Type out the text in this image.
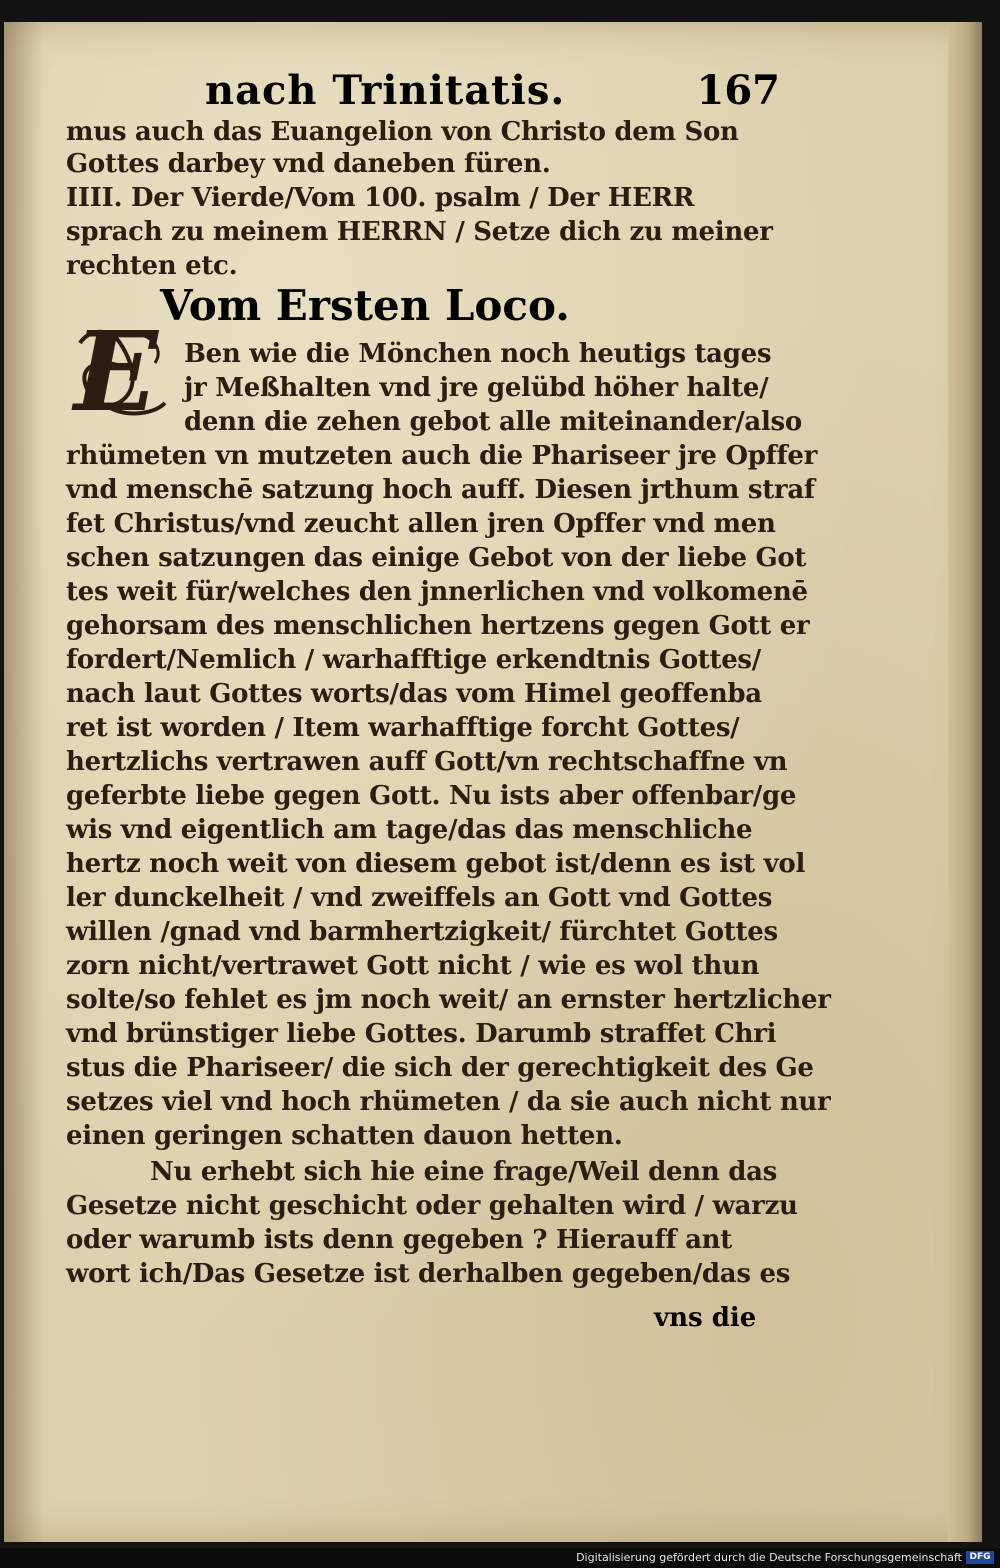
nach Trinitatis.	167
mus auch das Euangelion von Christo dem Son
Gottes darbey vnd daneben füren.
IIII. Der Vierde/Vom 100. psalm / Der HERR
sprach zu meinem HERRN / Setze dich zu meiner
rechten etc.
Vom Ersten Loco.
E Ben wie die Mönchen noch heutigs tages
jr Meßhalten vnd jre gelübd höher halte/
denn die zehen gebot alle miteinander/also
rhümeten vn mutzeten auch die Phariseer jre Opffer
vnd menschē satzung hoch auff. Diesen jrthum straf
fet Christus/vnd zeucht allen jren Opffer vnd men
schen satzungen das einige Gebot von der liebe Got
tes weit für/welches den jnnerlichen vnd volkomenē
gehorsam des menschlichen hertzens gegen Gott er
fordert/Nemlich / warhafftige erkendtnis Gottes/
nach laut Gottes worts/das vom Himel geoffenba
ret ist worden / Item warhafftige forcht Gottes/
hertzlichs vertrawen auff Gott/vn rechtschaffne vn
geferbte liebe gegen Gott. Nu ists aber offenbar/ge
wis vnd eigentlich am tage/das das menschliche
hertz noch weit von diesem gebot ist/denn es ist vol
ler dunckelheit / vnd zweiffels an Gott vnd Gottes
willen /gnad vnd barmhertzigkeit/ fürchtet Gottes
zorn nicht/vertrawet Gott nicht / wie es wol thun
solte/so fehlet es jm noch weit/ an ernster hertzlicher
vnd brünstiger liebe Gottes. Darumb straffet Chri
stus die Phariseer/ die sich der gerechtigkeit des Ge
setzes viel vnd hoch rhümeten / da sie auch nicht nur
einen geringen schatten dauon hetten.
Nu erhebt sich hie eine frage/Weil denn das
Gesetze nicht geschicht oder gehalten wird / warzu
oder warumb ists denn gegeben ? Hierauff ant
wort ich/Das Gesetze ist derhalben gegeben/das es
vns die
Digitalisierung gefördert durch die Deutsche Forschungsgemeinschaft DFG
